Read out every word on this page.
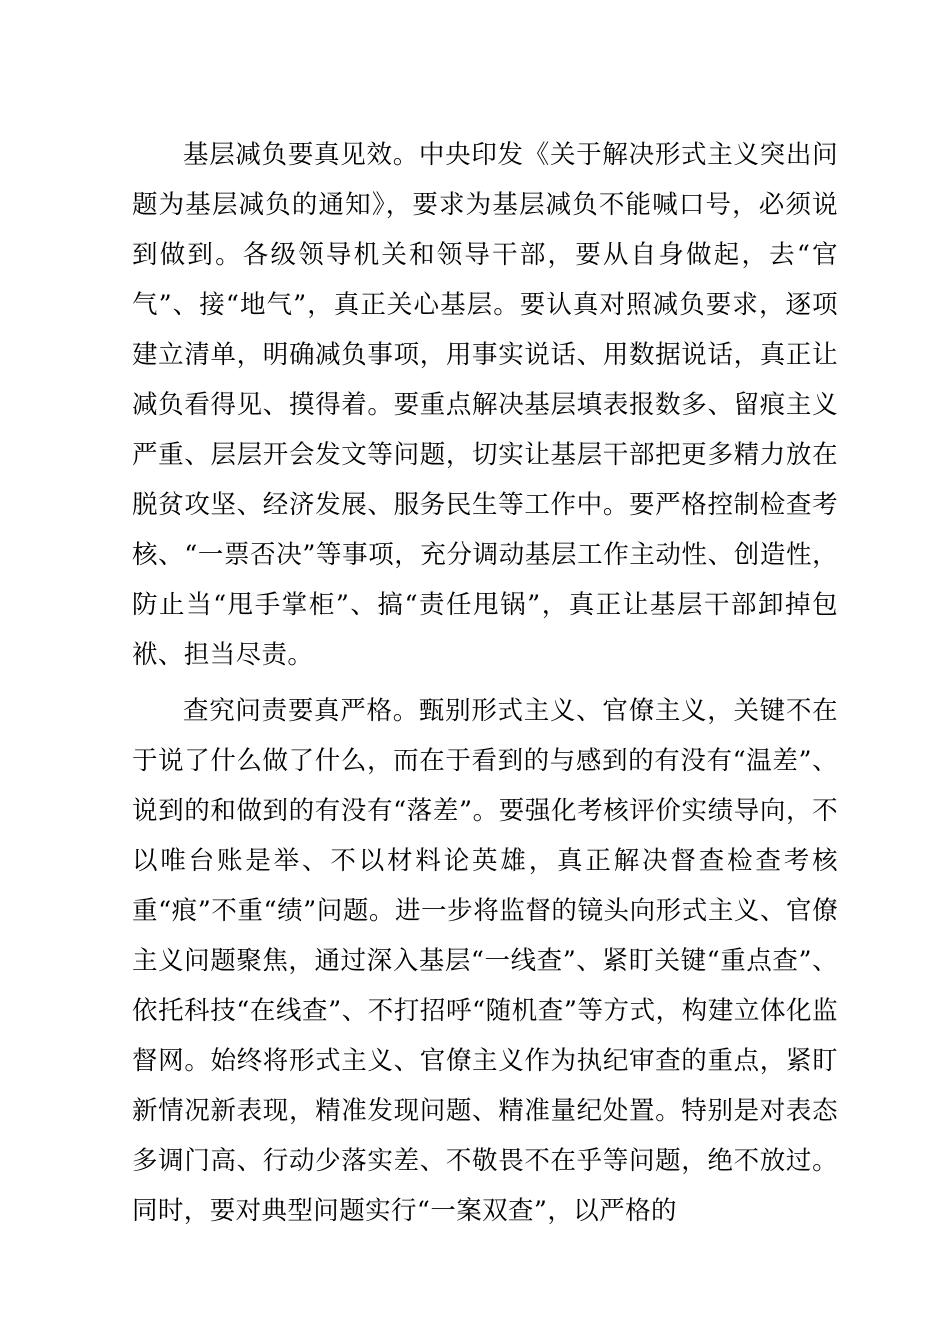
基层减负要真见效。中央印发《关于解决形式主义突出问题为基层减负的通知》，要求为基层减负不能喊口号，必须说到做到。各级领导机关和领导干部，要从自身做起，去“官气”、接“地气”，真正关心基层。要认真对照减负要求，逐项建立清单，明确减负事项，用事实说话、用数据说话，真正让减负看得见、摸得着。要重点解决基层填表报数多、留痕主义严重、层层开会发文等问题，切实让基层干部把更多精力放在脱贫攻坚、经济发展、服务民生等工作中。要严格控制检查考核、“一票否决”等事项，充分调动基层工作主动性、创造性，防止当“甩手掌柜”、搞“责任甩锅”，真正让基层干部卸掉包袱、担当尽责。

查究问责要真严格。甄别形式主义、官僚主义，关键不在于说了什么做了什么，而在于看到的与感到的有没有“温差”、说到的和做到的有没有“落差”。要强化考核评价实绩导向，不以唯台账是举、不以材料论英雄，真正解决督查检查考核重“痕”不重“绩”问题。进一步将监督的镜头向形式主义、官僚主义问题聚焦，通过深入基层“一线查”、紧盯关键“重点查”、依托科技“在线查”、不打招呼“随机查”等方式，构建立体化监督网。始终将形式主义、官僚主义作为执纪审查的重点，紧盯新情况新表现，精准发现问题、精准量纪处置。特别是对表态多调门高、行动少落实差、不敬畏不在乎等问题，绝不放过。同时，要对典型问题实行“一案双查”，以严格的
